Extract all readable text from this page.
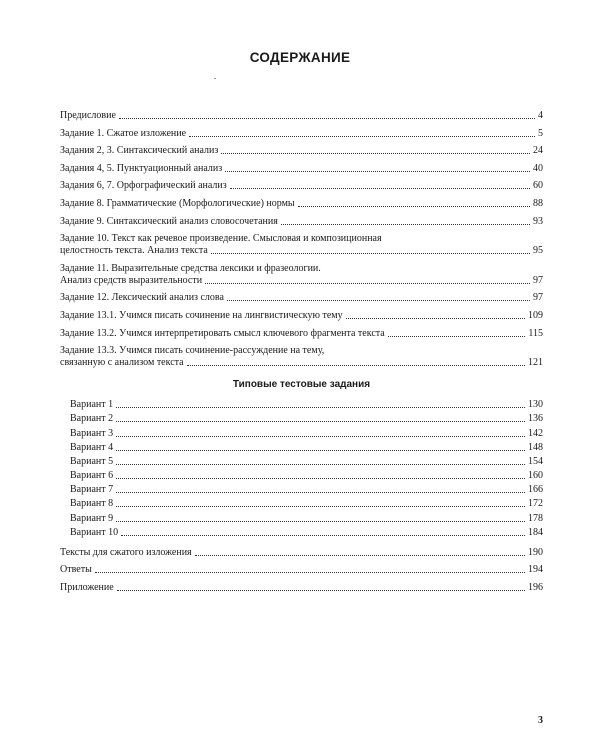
СОДЕРЖАНИЕ
Предисловие	4
Задание 1. Сжатое изложение	5
Задания 2, 3. Синтаксический анализ	24
Задания 4, 5. Пунктуационный анализ	40
Задания 6, 7. Орфографический анализ	60
Задание 8. Грамматические (Морфологические) нормы	88
Задание 9. Синтаксический анализ словосочетания	93
Задание 10. Текст как речевое произведение. Смысловая и композиционная
целостность текста. Анализ текста	95
Задание 11. Выразительные средства лексики и фразеологии.
Анализ средств выразительности	97
Задание 12. Лексический анализ слова	97
Задание 13.1. Учимся писать сочинение на лингвистическую тему	109
Задание 13.2. Учимся интерпретировать смысл ключевого фрагмента текста	115
Задание 13.3. Учимся писать сочинение-рассуждение на тему,
связанную с анализом текста	121
Типовые тестовые задания
Вариант 1	130
Вариант 2	136
Вариант 3	142
Вариант 4	148
Вариант 5	154
Вариант 6	160
Вариант 7	166
Вариант 8	172
Вариант 9	178
Вариант 10	184
Тексты для сжатого изложения	190
Ответы	194
Приложение	196
3
